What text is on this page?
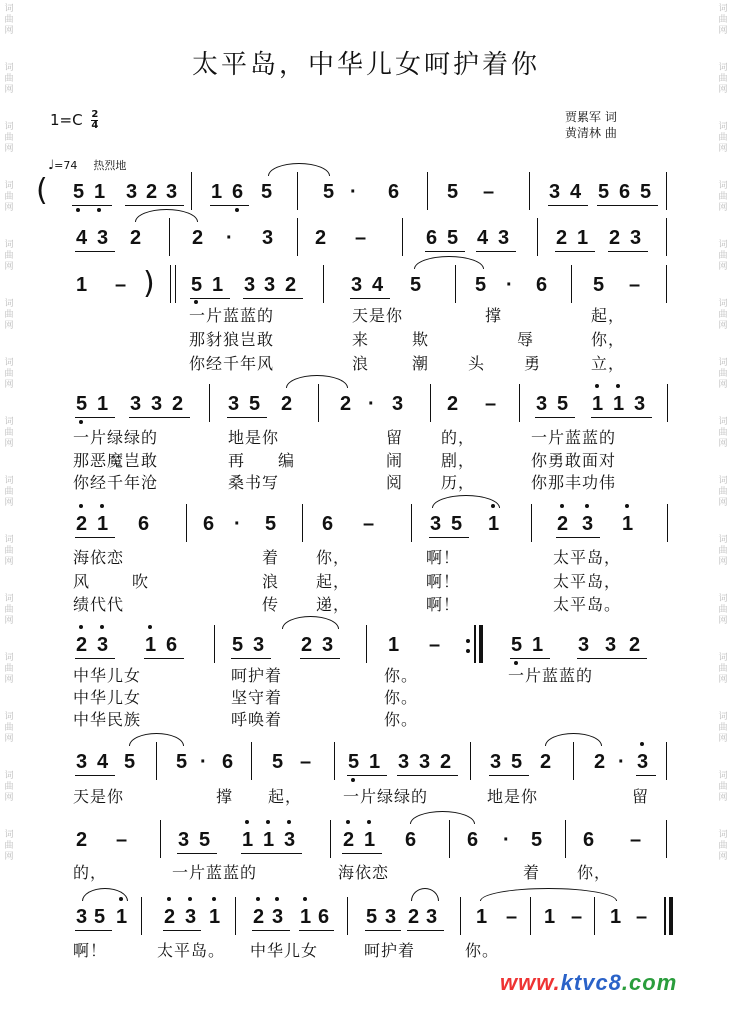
词
曲
网
词
曲
网
词
曲
网
词
曲
网
词
曲
网
词
曲
网
词
曲
网
词
曲
网
词
曲
网
词
曲
网
词
曲
网
词
曲
网
词
曲
网
词
曲
网
词
曲
网
词
曲
网
词
曲
网
词
曲
网
词
曲
网
词
曲
网
词
曲
网
词
曲
网
词
曲
网
词
曲
网
词
曲
网
词
曲
网
词
曲
网
词
曲
网
词
曲
网
词
曲
网
太平岛，中华儿女呵护着你
$1=C \frac{2}{4}$	贾累军 词
黄清林 曲
♩=74 热烈地
( 5 1 3 2 3 1 6 5	5 · 6 5 –	3 4 5 6 5
4 3 2	2 · 3 2 –	6 5 4 3 2 1 2 3
1 – ) 5 1 3 3 2	3 4 5	5 · 6 5 –
5 1 3 3 2 3 5 2 2 · 3 2 – 3 5 1 1 3
2 1 6	6 · 5 6 –	3 5 1	2 3 1
2 3 1 6	5 3 2 3	1 –	5 1 3 3 2
3 4 5 5 · 6 5 – 5 1 3 3 2 3 5 2 2 · 3
2 –	3 5 1 1 3 2 1 6	6 · 5 6 –
3 5 1 2 3 1 2 3 1 6 5 3 2 3 1 – 1 – 1 –
一片蓝蓝的	天是你	撑	起，
那豺狼岂敢	来	欺	辱	你，
你经千年风	浪	潮 头 勇	立，
一片绿绿的	地是你	留 的，	一片蓝蓝的
那恶魔岂敢	再 编	闹 剧，	你勇敢面对
你经千年沧	桑书写	阅 历，	你那丰功伟
海依恋	着 你，	啊！	太平岛，
风	吹	浪 起，	啊！	太平岛，
绩代代	传 递，	啊！	太平岛。
中华儿女	呵护着	你。	一片蓝蓝的
中华儿女	坚守着	你。
中华民族	呼唤着	你。
天是你	撑 起，	一片绿绿的	地是你	留
的，	一片蓝蓝的	海依恋	着 你，
啊！	太平岛。 中华儿女	呵护着	你。
www.ktvc8.com
